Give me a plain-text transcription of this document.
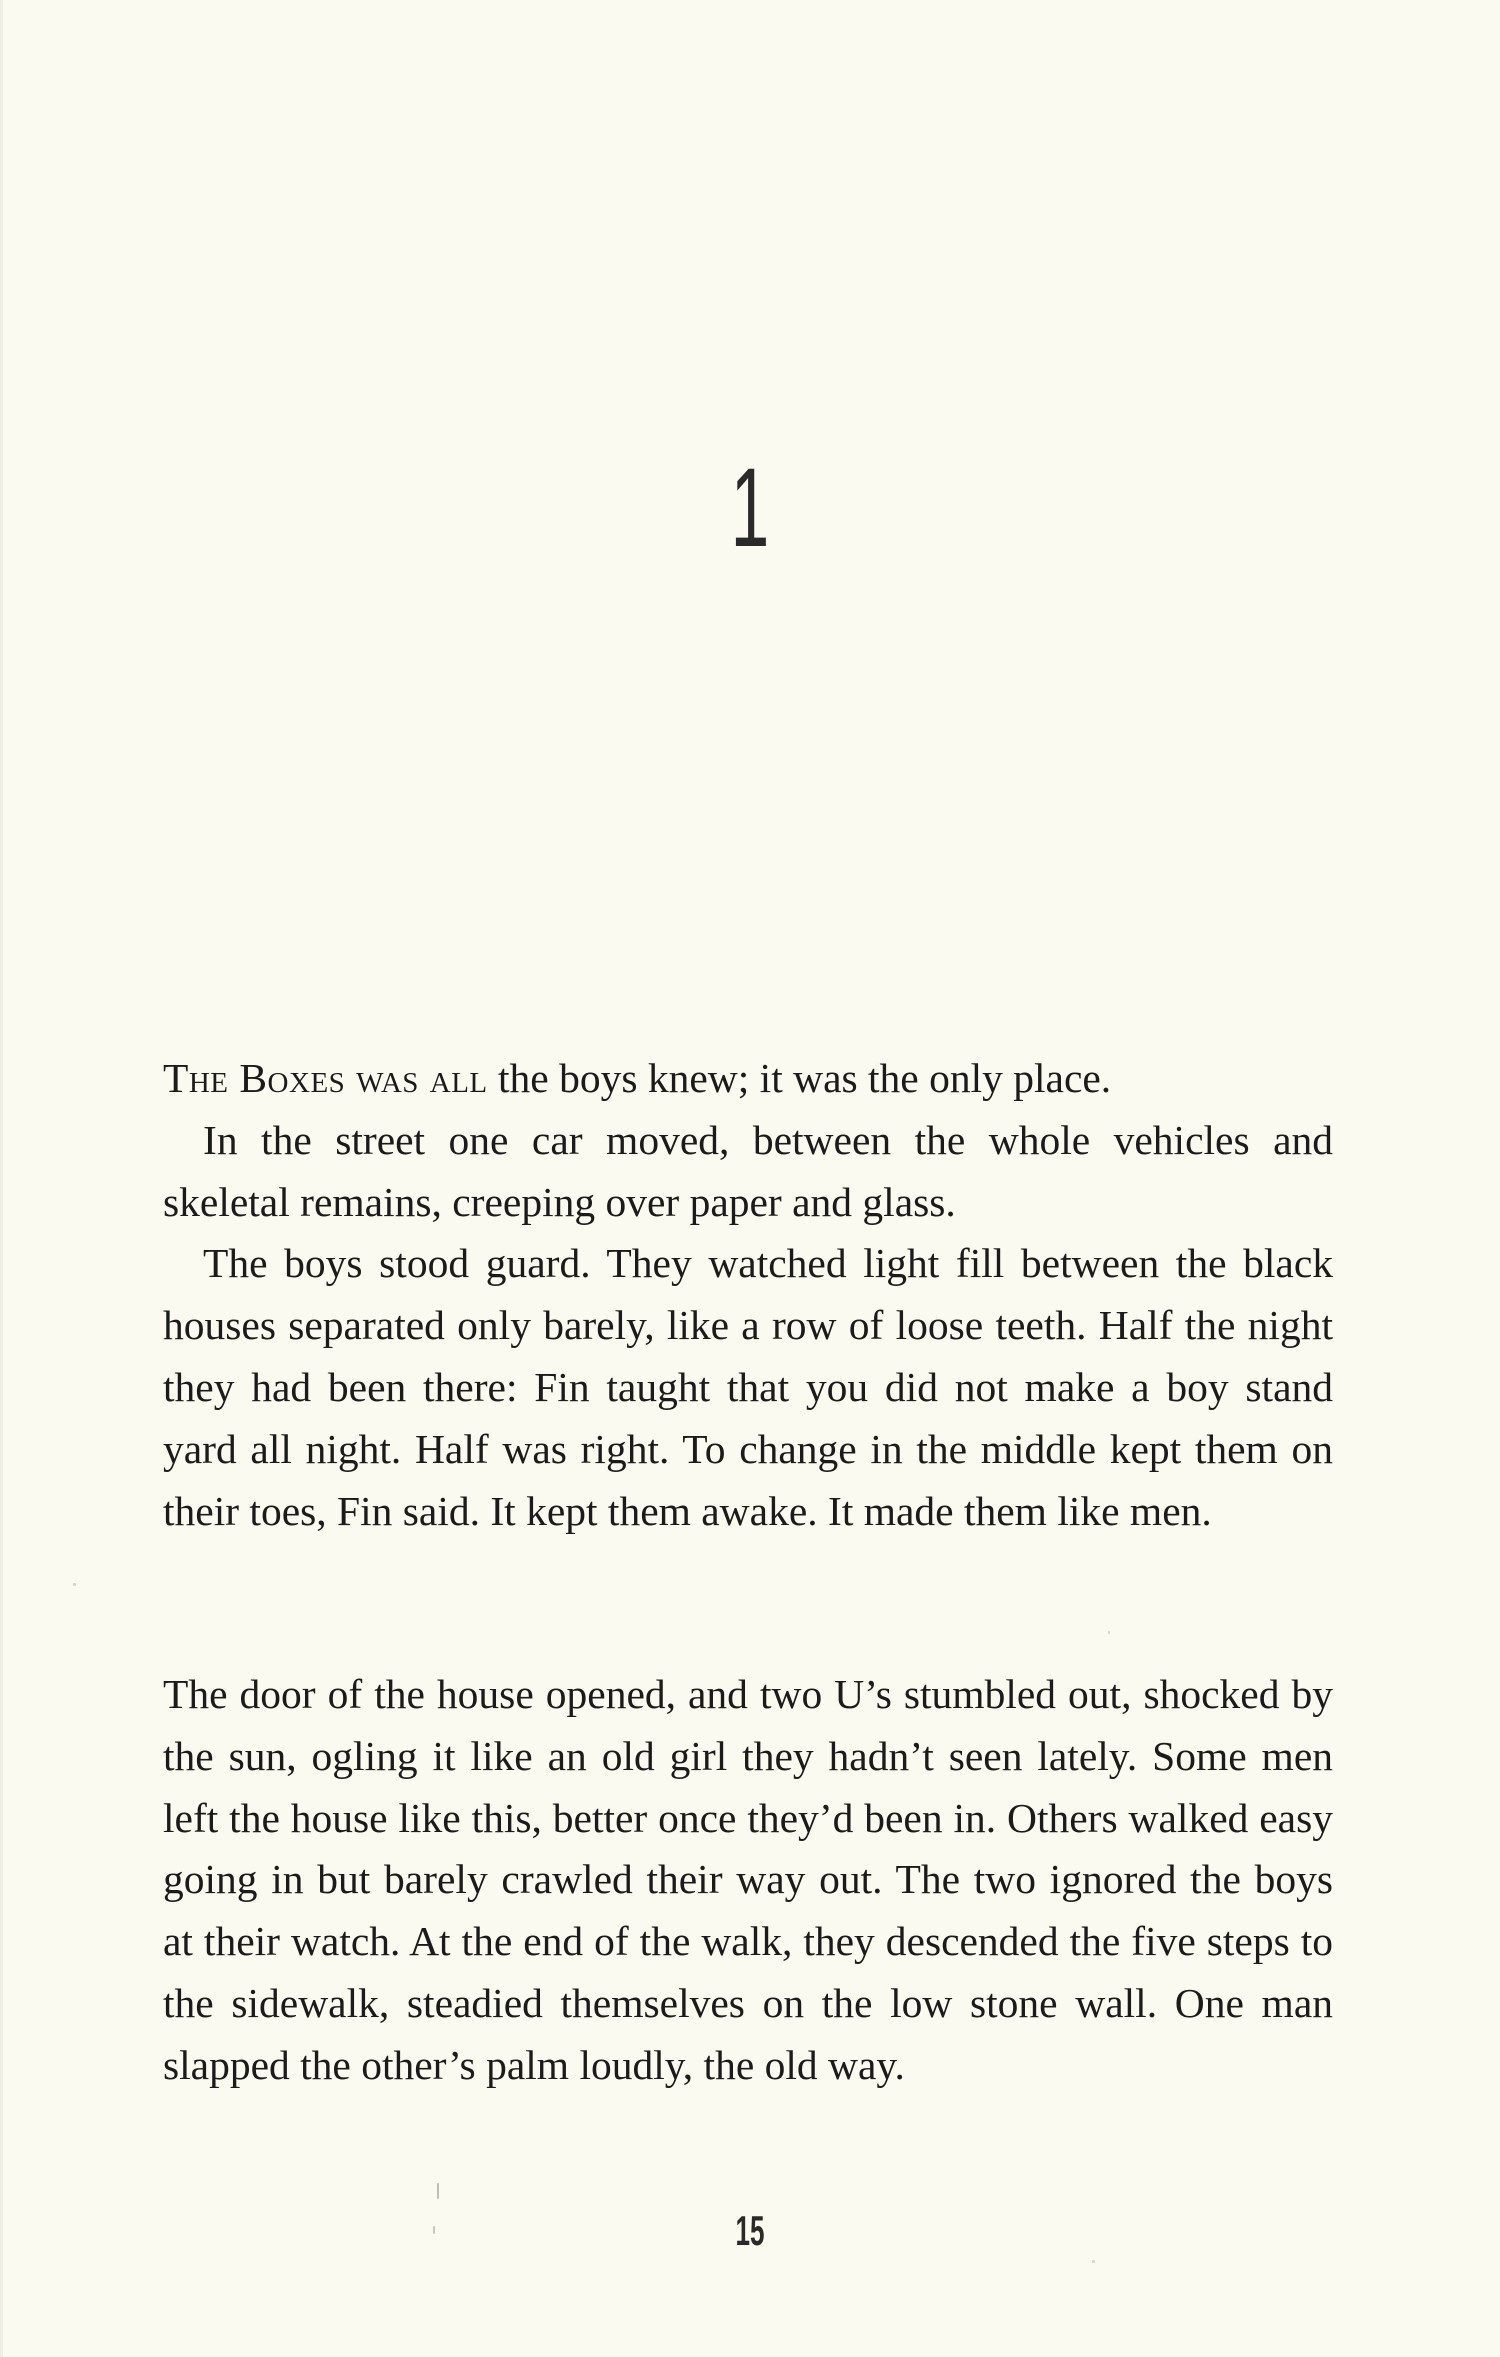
1

The Boxes was all the boys knew; it was the only place.

In the street one car moved, between the whole vehicles and skeletal remains, creeping over paper and glass.

The boys stood guard. They watched light fill between the black houses separated only barely, like a row of loose teeth. Half the night they had been there: Fin taught that you did not make a boy stand yard all night. Half was right. To change in the middle kept them on their toes, Fin said. It kept them awake. It made them like men.

The door of the house opened, and two U’s stumbled out, shocked by the sun, ogling it like an old girl they hadn’t seen lately. Some men left the house like this, better once they’d been in. Others walked easy going in but barely crawled their way out. The two ignored the boys at their watch. At the end of the walk, they descended the five steps to the sidewalk, steadied themselves on the low stone wall. One man slapped the other’s palm loudly, the old way.

15
